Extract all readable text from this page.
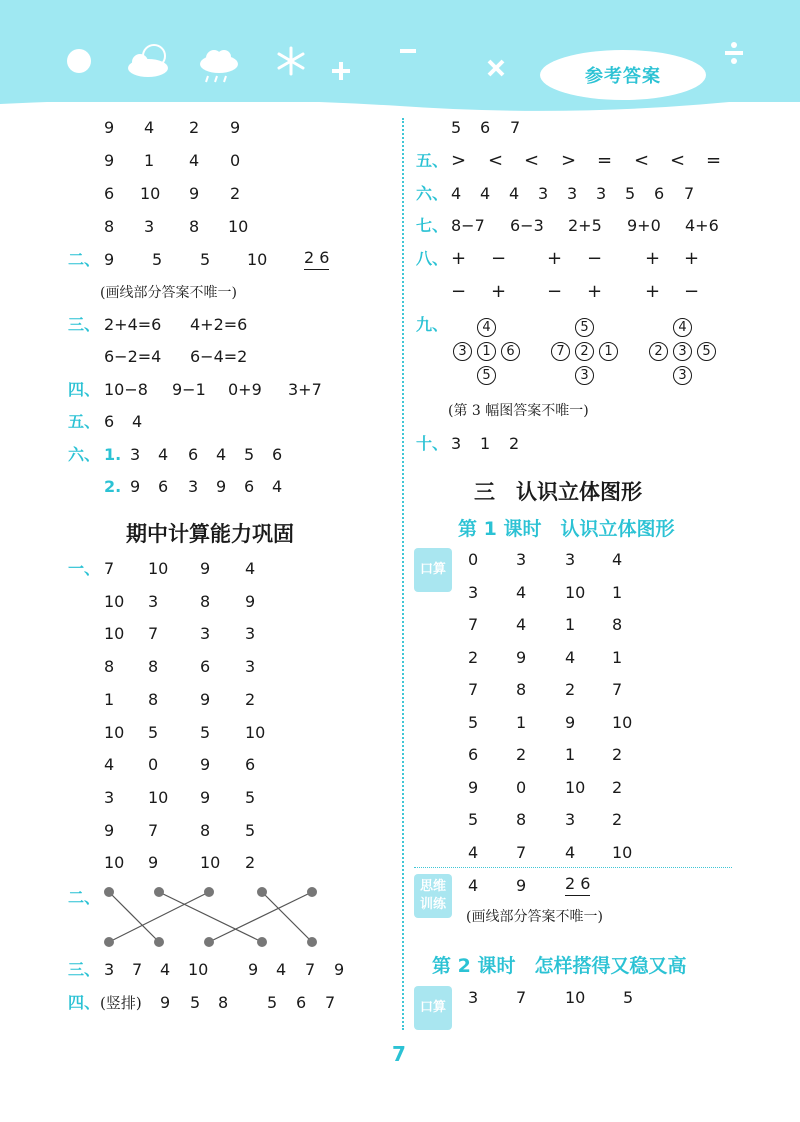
参考答案
9 4 2 9
9 1 4 0
6 10 9 2
8 3 8 10
二、 9 5 5 10 2 6
(画线部分答案不唯一)
三、 2+4=6 4+2=6
6−2=4 6−4=2
四、 10−8 9−1 0+9 3+7
五、 6 4
六、 1. 3 4 6 4 5 6
2. 9 6 3 9 6 4
期中计算能力巩固
一、 7 10 9 4
10 3	8 9
10 7	3 3
8 8	6 3
1 8	9 2
10 5	5 10
4 0	9 6
3 10 9 5
9 7	8 5
10 9	10 2
二、
三、 3 7 4 10 9 4 7 9
四、 (竖排) 9 5 8 5 6 7
5 6 7
五、 > < < > = < < =
六、 4 4 4 3 3 3 5 6 7
七、 8−7 6−3 2+5 9+0 4+6
八、 + − + − + +
− + − + + −
九、	4
3	1	6
5
5
7	2	1
3
4
2	3	5
3
(第 3 幅图答案不唯一)
十、 3 1 2
三　认识立体图形
第 1 课时　认识立体图形
口算
0 3 3 4
3 4 10 1
7 4 1 8
2 9 4 1
7 8 2 7
5 1 9 10
6 2 1 2
9 0 10 2
5 8 3 2
4 7 4 10
思维训练
4 9 2 6
(画线部分答案不唯一)
第 2 课时　怎样搭得又稳又高
口算
3 7 10 5
7
